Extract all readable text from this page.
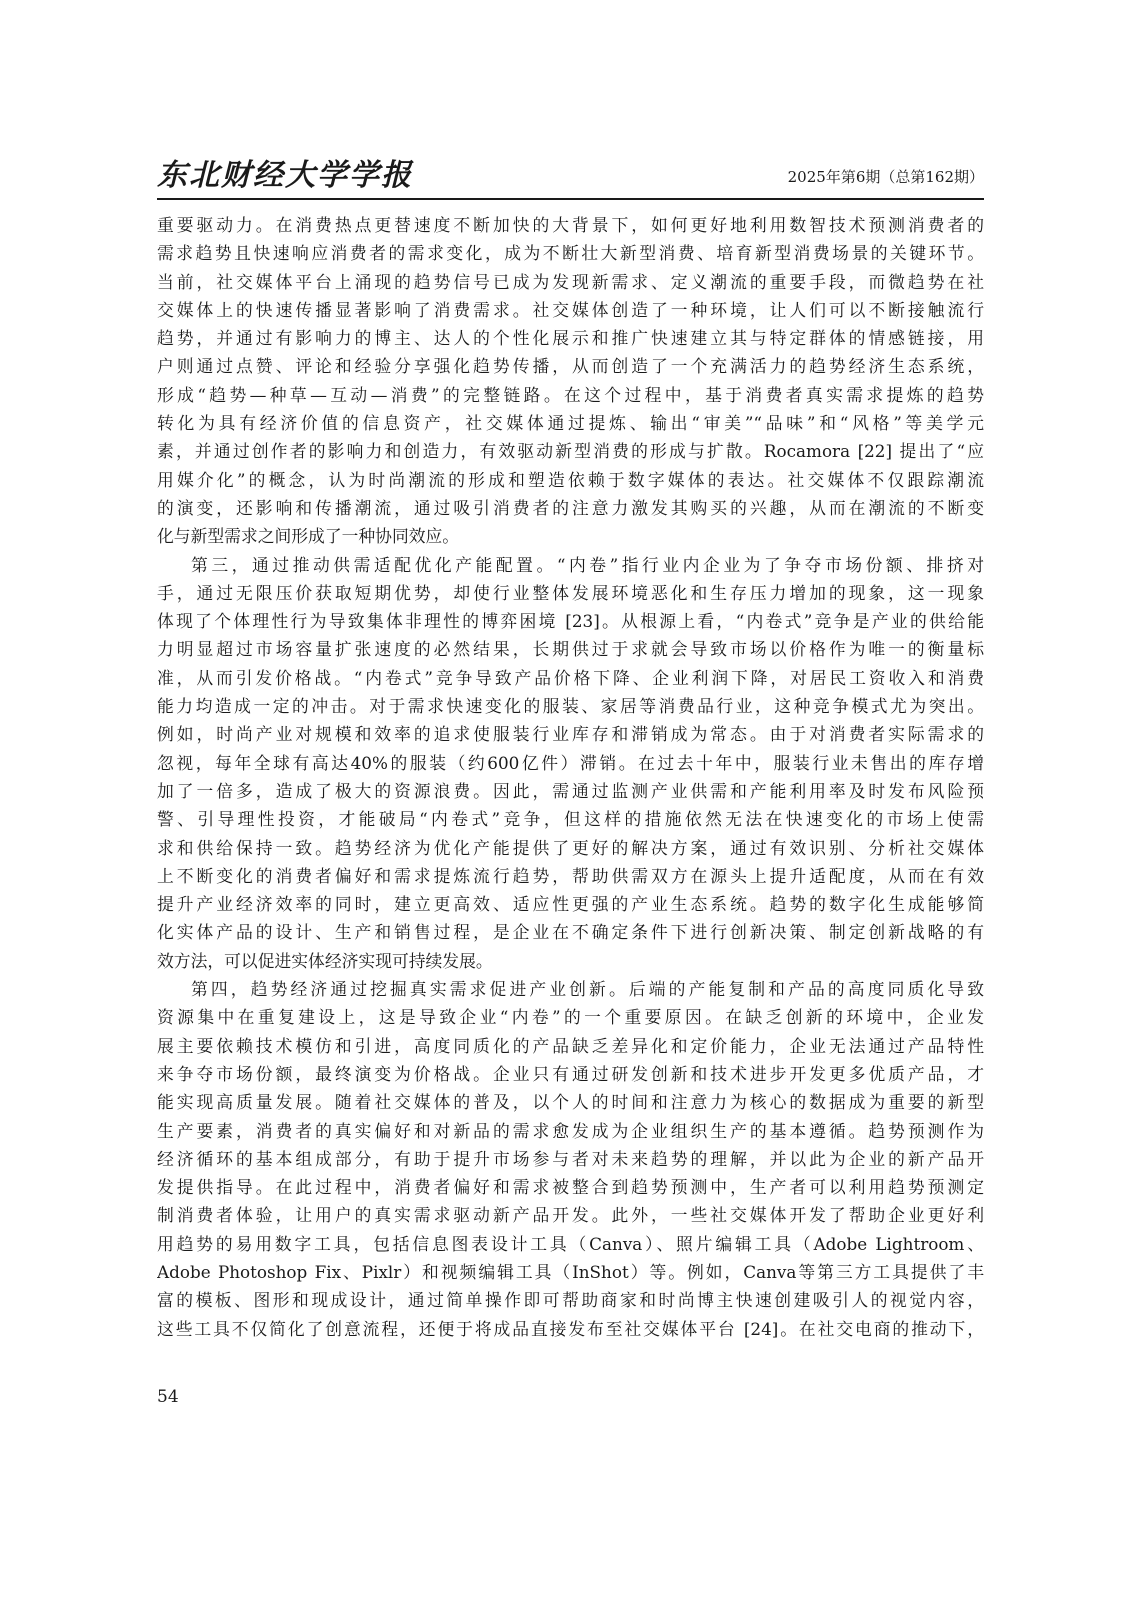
东北财经大学学报	2025年第6期（总第162期）
重要驱动力。在消费热点更替速度不断加快的大背景下，如何更好地利用数智技术预测消费者的
需求趋势且快速响应消费者的需求变化，成为不断壮大新型消费、培育新型消费场景的关键环节。
当前，社交媒体平台上涌现的趋势信号已成为发现新需求、定义潮流的重要手段，而微趋势在社
交媒体上的快速传播显著影响了消费需求。社交媒体创造了一种环境，让人们可以不断接触流行
趋势，并通过有影响力的博主、达人的个性化展示和推广快速建立其与特定群体的情感链接，用
户则通过点赞、评论和经验分享强化趋势传播，从而创造了一个充满活力的趋势经济生态系统，
形成“趋势—种草—互动—消费”的完整链路。在这个过程中，基于消费者真实需求提炼的趋势
转化为具有经济价值的信息资产，社交媒体通过提炼、输出“审美”“品味”和“风格”等美学元
素，并通过创作者的影响力和创造力，有效驱动新型消费的形成与扩散。Rocamora [22] 提出了“应
用媒介化”的概念，认为时尚潮流的形成和塑造依赖于数字媒体的表达。社交媒体不仅跟踪潮流
的演变，还影响和传播潮流，通过吸引消费者的注意力激发其购买的兴趣，从而在潮流的不断变
化与新型需求之间形成了一种协同效应。
第三，通过推动供需适配优化产能配置。“内卷”指行业内企业为了争夺市场份额、排挤对
手，通过无限压价获取短期优势，却使行业整体发展环境恶化和生存压力增加的现象，这一现象
体现了个体理性行为导致集体非理性的博弈困境 [23]。从根源上看，“内卷式”竞争是产业的供给能
力明显超过市场容量扩张速度的必然结果，长期供过于求就会导致市场以价格作为唯一的衡量标
准，从而引发价格战。“内卷式”竞争导致产品价格下降、企业利润下降，对居民工资收入和消费
能力均造成一定的冲击。对于需求快速变化的服装、家居等消费品行业，这种竞争模式尤为突出。
例如，时尚产业对规模和效率的追求使服装行业库存和滞销成为常态。由于对消费者实际需求的
忽视，每年全球有高达40%的服装（约600亿件）滞销。在过去十年中，服装行业未售出的库存增
加了一倍多，造成了极大的资源浪费。因此，需通过监测产业供需和产能利用率及时发布风险预
警、引导理性投资，才能破局“内卷式”竞争，但这样的措施依然无法在快速变化的市场上使需
求和供给保持一致。趋势经济为优化产能提供了更好的解决方案，通过有效识别、分析社交媒体
上不断变化的消费者偏好和需求提炼流行趋势，帮助供需双方在源头上提升适配度，从而在有效
提升产业经济效率的同时，建立更高效、适应性更强的产业生态系统。趋势的数字化生成能够简
化实体产品的设计、生产和销售过程，是企业在不确定条件下进行创新决策、制定创新战略的有
效方法，可以促进实体经济实现可持续发展。
第四，趋势经济通过挖掘真实需求促进产业创新。后端的产能复制和产品的高度同质化导致
资源集中在重复建设上，这是导致企业“内卷”的一个重要原因。在缺乏创新的环境中，企业发
展主要依赖技术模仿和引进，高度同质化的产品缺乏差异化和定价能力，企业无法通过产品特性
来争夺市场份额，最终演变为价格战。企业只有通过研发创新和技术进步开发更多优质产品，才
能实现高质量发展。随着社交媒体的普及，以个人的时间和注意力为核心的数据成为重要的新型
生产要素，消费者的真实偏好和对新品的需求愈发成为企业组织生产的基本遵循。趋势预测作为
经济循环的基本组成部分，有助于提升市场参与者对未来趋势的理解，并以此为企业的新产品开
发提供指导。在此过程中，消费者偏好和需求被整合到趋势预测中，生产者可以利用趋势预测定
制消费者体验，让用户的真实需求驱动新产品开发。此外，一些社交媒体开发了帮助企业更好利
用趋势的易用数字工具，包括信息图表设计工具（Canva）、照片编辑工具（Adobe Lightroom、
Adobe Photoshop Fix、Pixlr）和视频编辑工具（InShot）等。例如，Canva等第三方工具提供了丰
富的模板、图形和现成设计，通过简单操作即可帮助商家和时尚博主快速创建吸引人的视觉内容，
这些工具不仅简化了创意流程，还便于将成品直接发布至社交媒体平台 [24]。在社交电商的推动下，
54
